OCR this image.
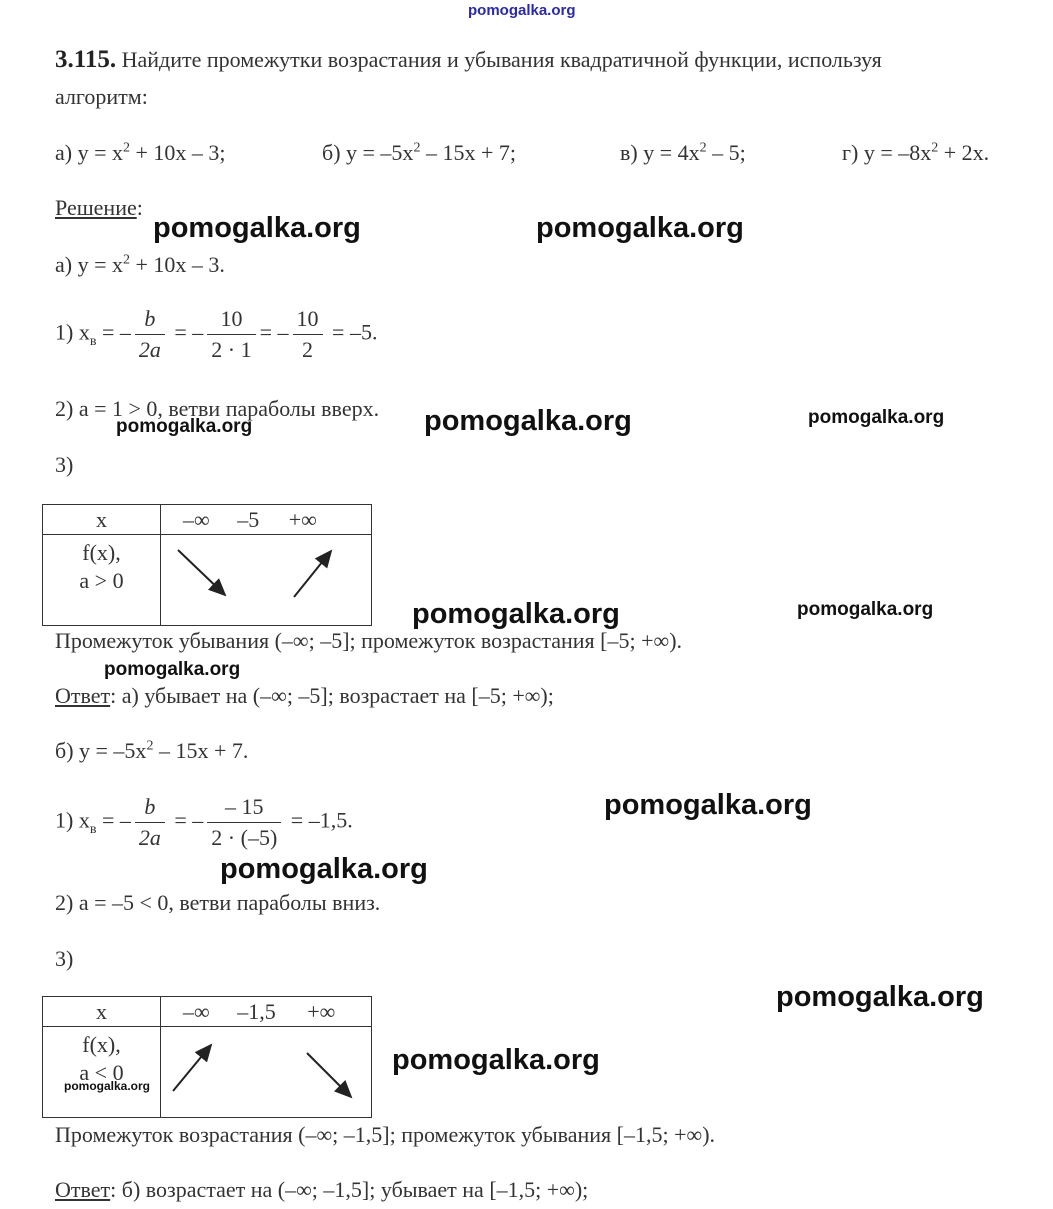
pomogalka.org
3.115. Найдите промежутки возрастания и убывания квадратичной функции, используя
алгоритм:
а) $y = x^2 + 10x - 3$;	б) $y = -5x^2 - 15x + 7$;	в) $y = 4x^2 - 5$;	г) $y = -8x^2 + 2x$.
Решение:
а) $y = x^2 + 10x - 3$.
1) $x_в$ = – $\frac{b}{2a}$ = – $\frac{10}{2 \cdot 1}$ = – $\frac{10}{2} = -5$.
2) a = 1 > 0, ветви параболы вверх.
3)
x	–∞ –5 +∞

f(x),
a > 0

Промежуток убывания (–∞; –5]; промежуток возрастания [–5; +∞).
Ответ: а) убывает на (–∞; –5]; возрастает на [–5; +∞);
б) $y = -5x^2 - 15x + 7$.
1) $x_в$ = – $\frac{b}{2a}$ = – $\frac{- 15}{2 \cdot (-5)} = -1,5$.
2) a = –5 < 0, ветви параболы вниз.
3)
x	–∞ –1,5 +∞

f(x),
a < 0

Промежуток возрастания (–∞; –1,5]; промежуток убывания [–1,5; +∞).
Ответ: б) возрастает на (–∞; –1,5]; убывает на [–1,5; +∞);
pomogalka.org	pomogalka.org
pomogalka.org	pomogalka.org	pomogalka.org
pomogalka.org	pomogalka.org
pomogalka.org
pomogalka.org
pomogalka.org
pomogalka.org
pomogalka.org
pomogalka.org
